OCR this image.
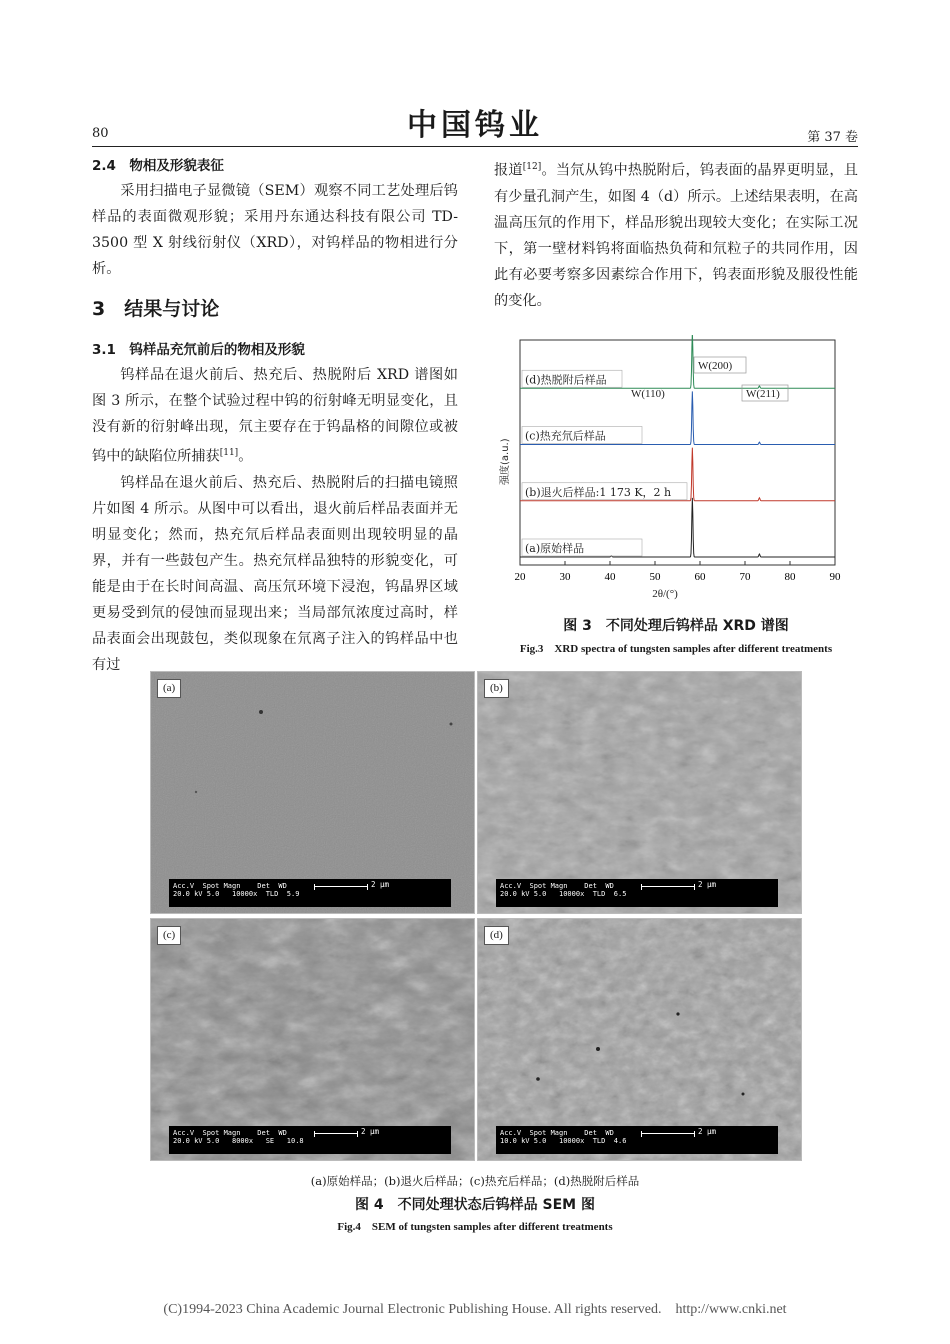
80	中国钨业	第 37 卷
2.4　物相及形貌表征

采用扫描电子显微镜（SEM）观察不同工艺处理后钨样品的表面微观形貌；采用丹东通达科技有限公司 TD-3500 型 X 射线衍射仪（XRD），对钨样品的物相进行分析。

3　结果与讨论
3.1　钨样品充氘前后的物相及形貌

钨样品在退火前后、热充后、热脱附后 XRD 谱图如图 3 所示，在整个试验过程中钨的衍射峰无明显变化，且没有新的衍射峰出现，氘主要存在于钨晶格的间隙位或被钨中的缺陷位所捕获[11]。

钨样品在退火前后、热充后、热脱附后的扫描电镜照片如图 4 所示。从图中可以看出，退火前后样品表面并无明显变化；然而，热充氘后样品表面则出现较明显的晶界，并有一些鼓包产生。热充氘样品独特的形貌变化，可能是由于在长时间高温、高压氘环境下浸泡，钨晶界区域更易受到氘的侵蚀而显现出来；当局部氘浓度过高时，样品表面会出现鼓包，类似现象在氘离子注入的钨样品中也有过

报道[12]。当氘从钨中热脱附后，钨表面的晶界更明显，且有少量孔洞产生，如图 4（d）所示。上述结果表明，在高温高压氘的作用下，样品形貌出现较大变化；在实际工况下，第一壁材料钨将面临热负荷和氘粒子的共同作用，因此有必要考察多因素综合作用下，钨表面形貌及服役性能的变化。

20	30	40	50	60	70	80	90
(a)原始样品
(b)退火后样品:1 173 K，2 h
(c)热充氘后样品
(d)热脱附后样品
W(200)
W(110)	W(211)
强度(a.u.)
2θ/(°)
图 3　不同处理后钨样品 XRD 谱图
Fig.3　XRD spectra of tungsten samples after different treatments
(a)
Acc.V  Spot Magn    Det  WD
20.0 kV 5.0   10000x  TLD  5.9
2 μm
(b)
Acc.V  Spot Magn    Det  WD
20.0 kV 5.0   10000x  TLD  6.5
2 μm
(c)
Acc.V  Spot Magn    Det  WD
20.0 kV 5.0   8000x   SE   10.8
2 μm
(d)
Acc.V  Spot Magn    Det  WD
10.0 kV 5.0   10000x  TLD  4.6
2 μm
(a)原始样品；(b)退火后样品；(c)热充后样品；(d)热脱附后样品
图 4　不同处理状态后钨样品 SEM 图
Fig.4　SEM of tungsten samples after different treatments
(C)1994-2023 China Academic Journal Electronic Publishing House. All rights reserved.　http://www.cnki.net
